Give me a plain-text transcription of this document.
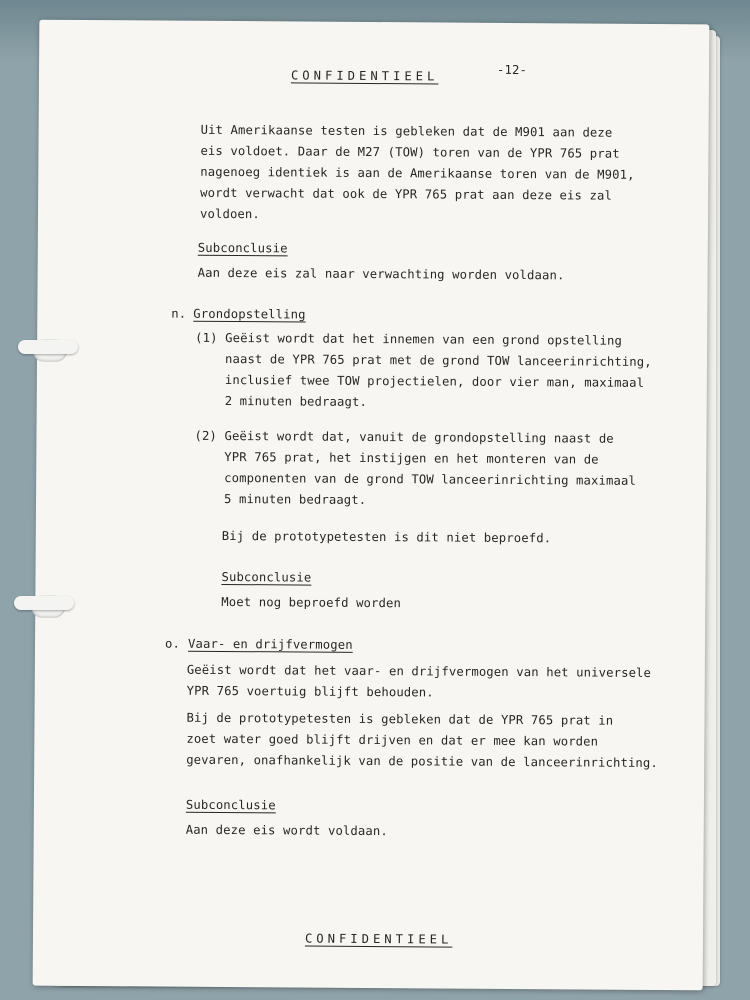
CONFIDENTIEEL	-12-
Uit Amerikaanse testen is gebleken dat de M901 aan deze
eis voldoet. Daar de M27 (TOW) toren van de YPR 765 prat
nagenoeg identiek is aan de Amerikaanse toren van de M901,
wordt verwacht dat ook de YPR 765 prat aan deze eis zal
voldoen.
Subconclusie
Aan deze eis zal naar verwachting worden voldaan.
n. Grondopstelling
(1) Geëist wordt dat het innemen van een grond opstelling
naast de YPR 765 prat met de grond TOW lanceerinrichting,
inclusief twee TOW projectielen, door vier man, maximaal
2 minuten bedraagt.
(2) Geëist wordt dat, vanuit de grondopstelling naast de
YPR 765 prat, het instijgen en het monteren van de
componenten van de grond TOW lanceerinrichting maximaal
5 minuten bedraagt.
Bij de prototypetesten is dit niet beproefd.
Subconclusie
Moet nog beproefd worden
o. Vaar- en drijfvermogen
Geëist wordt dat het vaar- en drijfvermogen van het universele
YPR 765 voertuig blijft behouden.
Bij de prototypetesten is gebleken dat de YPR 765 prat in
zoet water goed blijft drijven en dat er mee kan worden
gevaren, onafhankelijk van de positie van de lanceerinrichting.
Subconclusie
Aan deze eis wordt voldaan.
CONFIDENTIEEL
